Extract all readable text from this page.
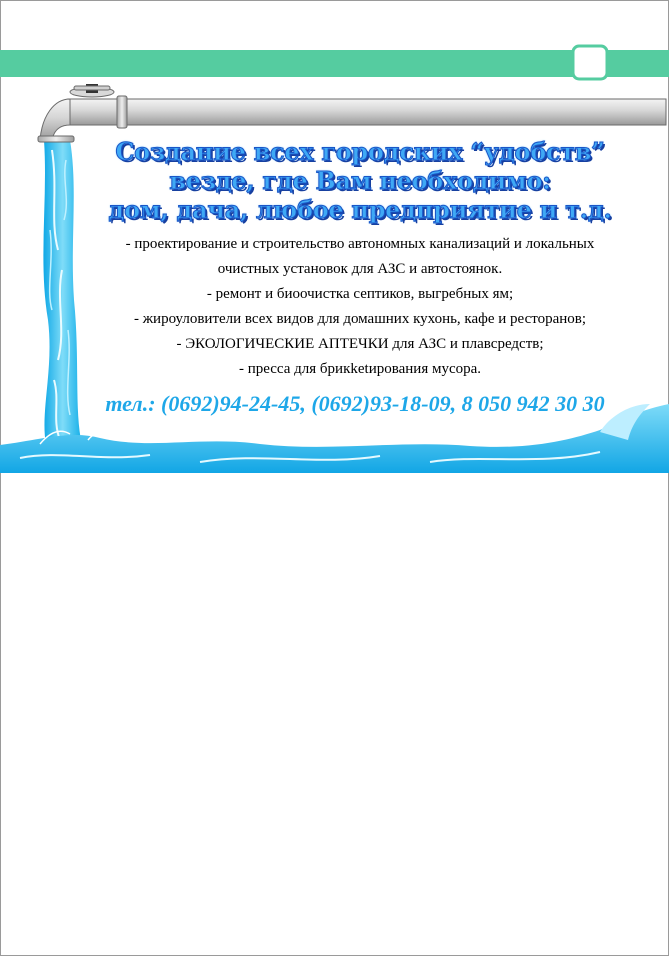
Создание всех городских “удобств”
везде, где Вам необходимо:
дом, дача, любое предприятие и т.д.
- проектирование и строительство автономных канализаций и локальных
очистных установок для АЗС и автостоянок.
- ремонт и биоочистка септиков, выгребных ям;
- жироуловители всех видов для домашних кухонь, кафе и ресторанов;
- ЭКОЛОГИЧЕСКИЕ АПТЕЧКИ для АЗС и плавсредств;
- пресса для брикketирования мусора.
тел.: (0692)94-24-45, (0692)93-18-09, 8 050 942 30 30
